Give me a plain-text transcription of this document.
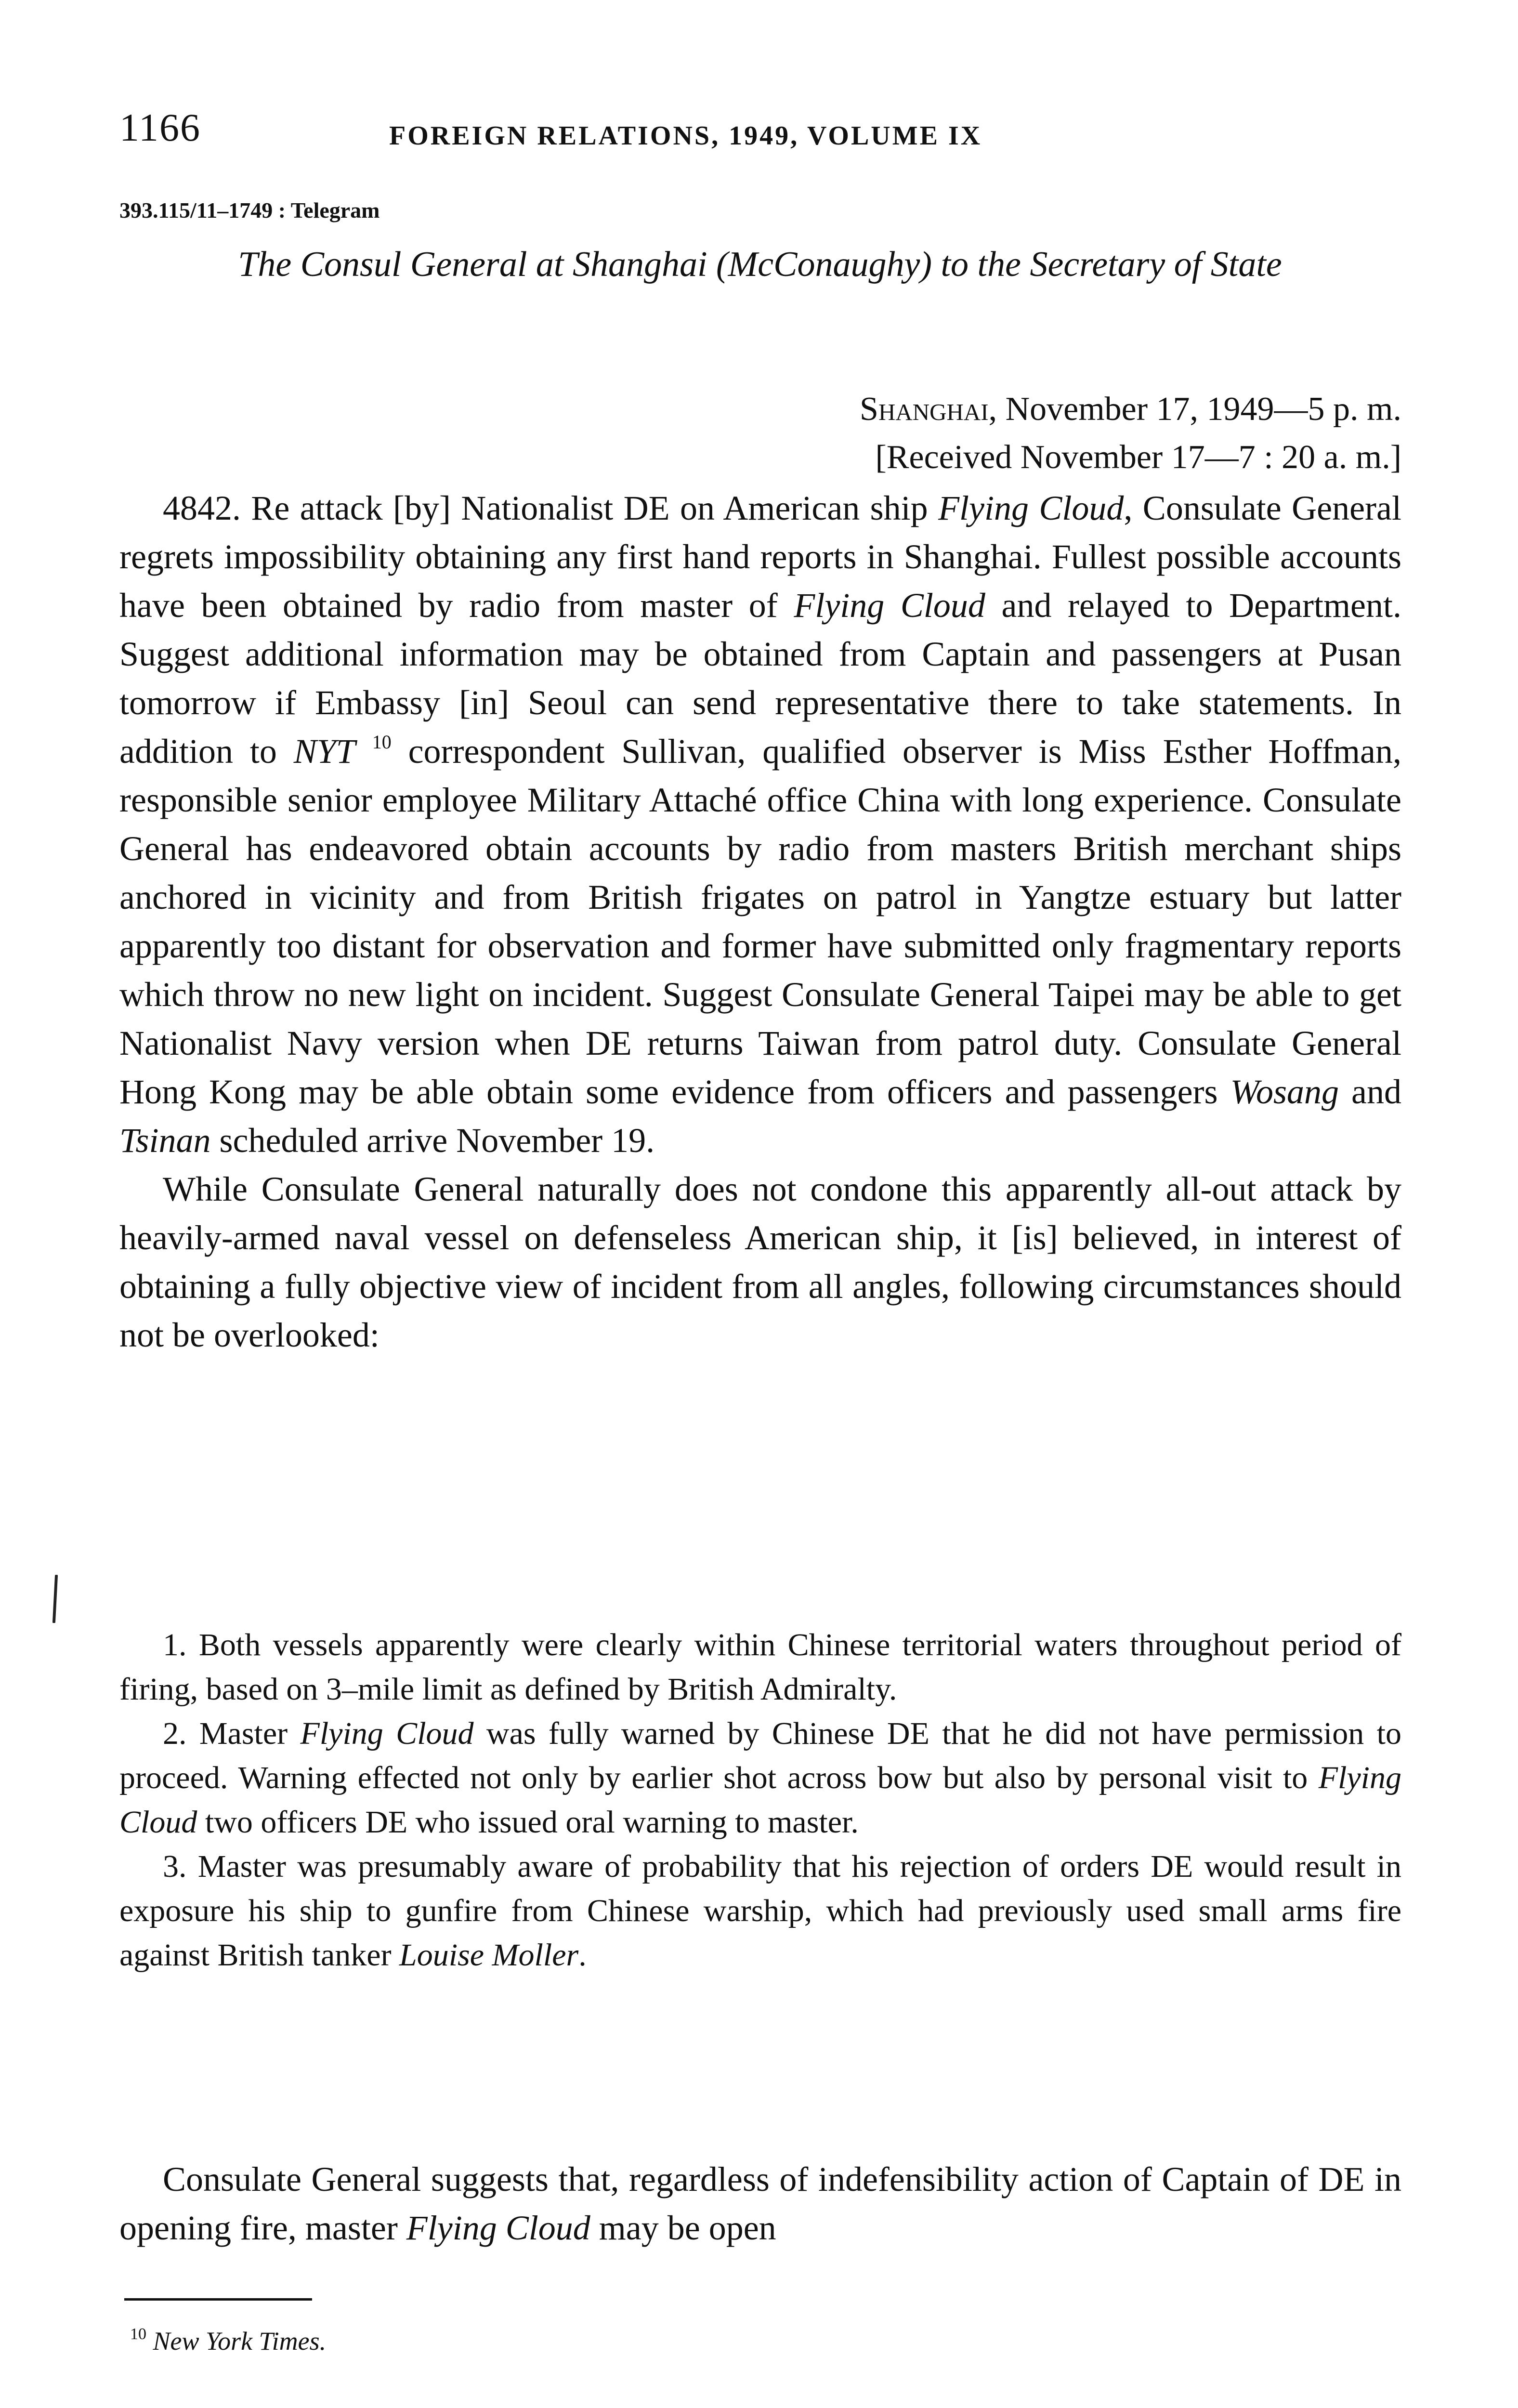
1166	FOREIGN RELATIONS, 1949, VOLUME IX
393.115/11–1749 : Telegram
The Consul General at Shanghai (McConaughy) to the Secretary of State
Shanghai, November 17, 1949—5 p. m.
[Received November 17—7 : 20 a. m.]

4842. Re attack [by] Nationalist DE on American ship Flying Cloud, Consulate General regrets impossibility obtaining any first hand reports in Shanghai. Fullest possible accounts have been obtained by radio from master of Flying Cloud and relayed to Department. Suggest additional information may be obtained from Captain and passengers at Pusan tomorrow if Embassy [in] Seoul can send representative there to take statements. In addition to NYT $^{10}$ correspondent Sullivan, qualified observer is Miss Esther Hoffman, responsible senior employee Military Attaché office China with long experience. Consulate General has endeavored obtain accounts by radio from masters British merchant ships anchored in vicinity and from British frigates on patrol in Yangtze estuary but latter apparently too distant for observation and former have submitted only fragmentary reports which throw no new light on incident. Suggest Consulate General Taipei may be able to get Nationalist Navy version when DE returns Taiwan from patrol duty. Consulate General Hong Kong may be able obtain some evidence from officers and passengers Wosang and Tsinan scheduled arrive November 19.

While Consulate General naturally does not condone this apparently all-out attack by heavily-armed naval vessel on defenseless American ship, it [is] believed, in interest of obtaining a fully objective view of incident from all angles, following circumstances should not be overlooked:

1. Both vessels apparently were clearly within Chinese territorial waters throughout period of firing, based on 3–mile limit as defined by British Admiralty.

2. Master Flying Cloud was fully warned by Chinese DE that he did not have permission to proceed. Warning effected not only by earlier shot across bow but also by personal visit to Flying Cloud two officers DE who issued oral warning to master.

3. Master was presumably aware of probability that his rejection of orders DE would result in exposure his ship to gunfire from Chinese warship, which had previously used small arms fire against British tanker Louise Moller.

Consulate General suggests that, regardless of indefensibility action of Captain of DE in opening fire, master Flying Cloud may be open

$^{10}$ New York Times.
